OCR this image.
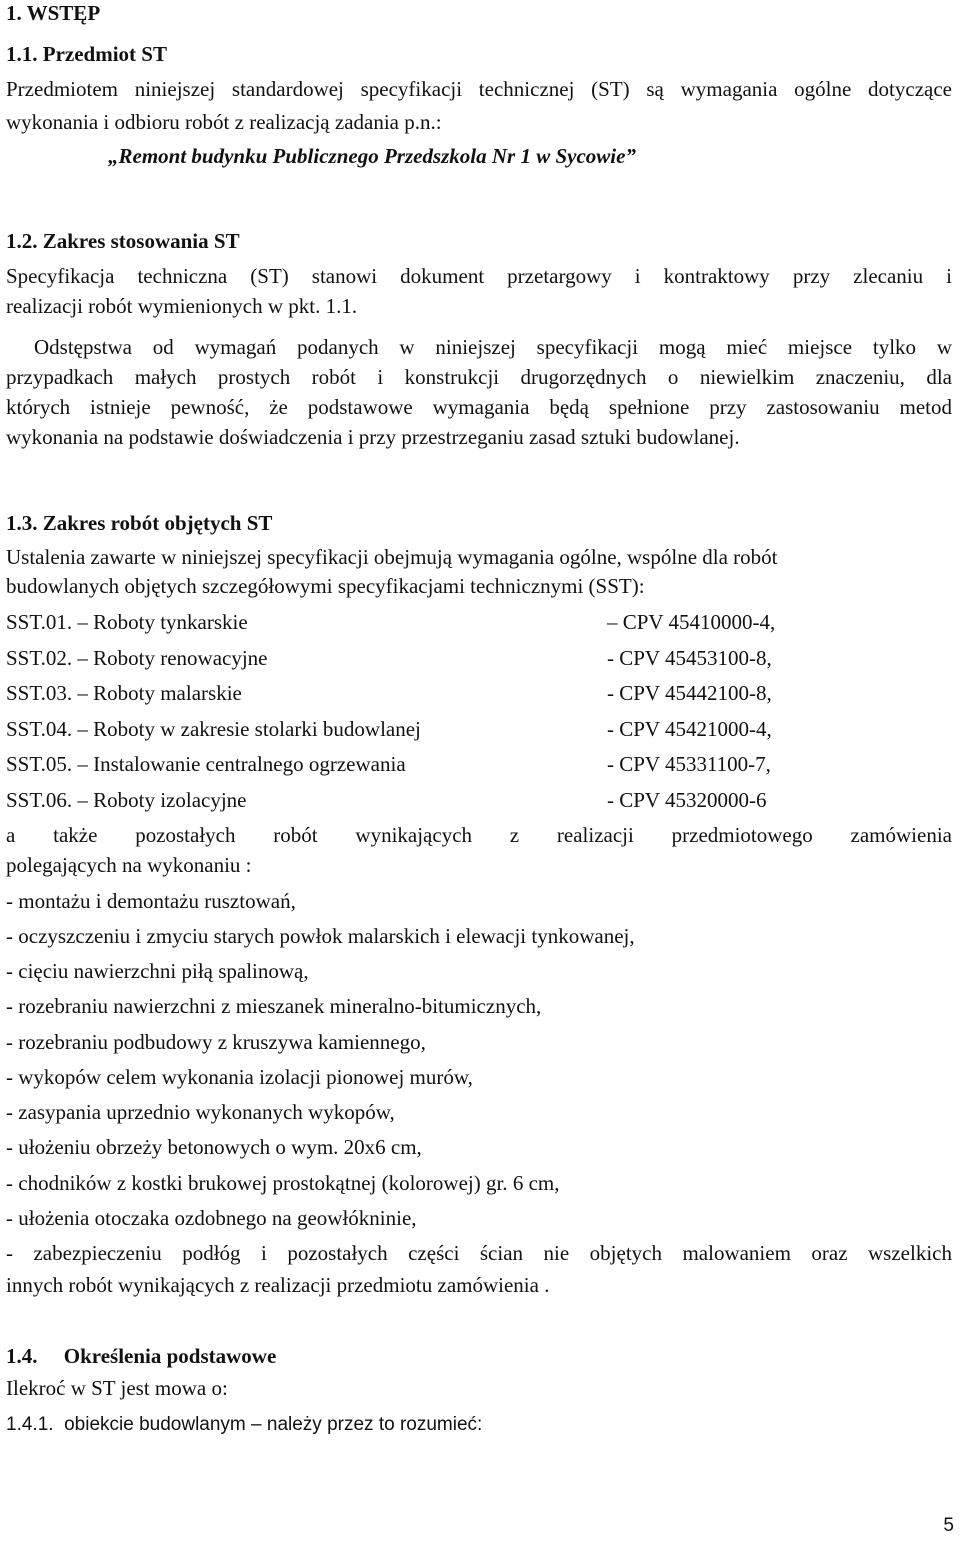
1. WSTĘP
1.1. Przedmiot ST
Przedmiotem niniejszej standardowej specyfikacji technicznej (ST) są wymagania ogólne dotyczące
wykonania i odbioru robót z realizacją zadania p.n.:
„Remont budynku Publicznego Przedszkola Nr 1 w Sycowie”
1.2. Zakres stosowania ST
Specyfikacja techniczna (ST) stanowi dokument przetargowy i kontraktowy przy zlecaniu i
realizacji robót wymienionych w pkt. 1.1.
Odstępstwa od wymagań podanych w niniejszej specyfikacji mogą mieć miejsce tylko w
przypadkach małych prostych robót i konstrukcji drugorzędnych o niewielkim znaczeniu, dla
których istnieje pewność, że podstawowe wymagania będą spełnione przy zastosowaniu metod
wykonania na podstawie doświadczenia i przy przestrzeganiu zasad sztuki budowlanej.
1.3. Zakres robót objętych ST
Ustalenia zawarte w niniejszej specyfikacji obejmują wymagania ogólne, wspólne dla robót
budowlanych objętych szczegółowymi specyfikacjami technicznymi (SST):
SST.01. – Roboty tynkarskie	– CPV 45410000-4,
SST.02. – Roboty renowacyjne	- CPV 45453100-8,
SST.03. – Roboty malarskie	- CPV 45442100-8,
SST.04. – Roboty w zakresie stolarki budowlanej	- CPV 45421000-4,
SST.05. – Instalowanie centralnego ogrzewania	- CPV 45331100-7,
SST.06. – Roboty izolacyjne	- CPV 45320000-6
a także pozostałych robót wynikających z realizacji przedmiotowego zamówienia
polegających na wykonaniu :
- montażu i demontażu rusztowań,
- oczyszczeniu i zmyciu starych powłok malarskich i elewacji tynkowanej,
- cięciu nawierzchni piłą spalinową,
- rozebraniu nawierzchni z mieszanek mineralno-bitumicznych,
- rozebraniu podbudowy z kruszywa kamiennego,
- wykopów celem wykonania izolacji pionowej murów,
- zasypania uprzednio wykonanych wykopów,
- ułożeniu obrzeży betonowych o wym. 20x6 cm,
- chodników z kostki brukowej prostokątnej (kolorowej) gr. 6 cm,
- ułożenia otoczaka ozdobnego na geowłókninie,
- zabezpieczeniu podłóg i pozostałych części ścian nie objętych malowaniem oraz wszelkich
innych robót wynikających z realizacji przedmiotu zamówienia .
1.4.     Określenia podstawowe
Ilekroć w ST jest mowa o:
1.4.1.  obiekcie budowlanym – należy przez to rozumieć:
5
